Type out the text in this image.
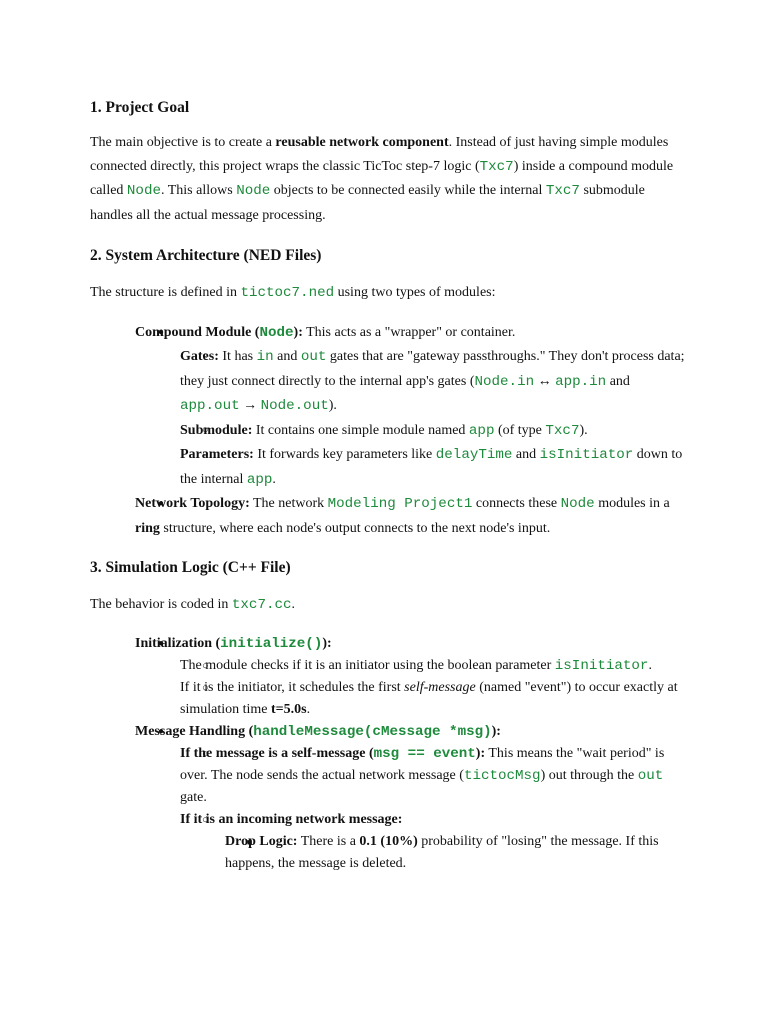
1. Project Goal

The main objective is to create a reusable network component. Instead of just having simple modules connected directly, this project wraps the classic TicToc step-7 logic (Txc7) inside a compound module called Node. This allows Node objects to be connected easily while the internal Txc7 submodule handles all the actual message processing.

2. System Architecture (NED Files)

The structure is defined in tictoc7.ned using two types of modules:

● Compound Module (Node): This acts as a "wrapper" or container.
○ Gates: It has in and out gates that are "gateway passthroughs." They don't process data; they just connect directly to the internal app's gates (Node.in ↔ app.in and app.out → Node.out).
○ Submodule: It contains one simple module named app (of type Txc7).
○ Parameters: It forwards key parameters like delayTime and isInitiator down to the internal app.
● Network Topology: The network Modeling Project1 connects these Node modules in a ring structure, where each node's output connects to the next node's input.
3. Simulation Logic (C++ File)

The behavior is coded in txc7.cc.

● Initialization (initialize()):
○ The module checks if it is an initiator using the boolean parameter isInitiator.
○ If it is the initiator, it schedules the first self-message (named "event") to occur exactly at simulation time t=5.0s.
● Message Handling (handleMessage(cMessage *msg)):
○ If the message is a self-message (msg == event): This means the "wait period" is over. The node sends the actual network message (tictocMsg) out through the out gate.
○ If it is an incoming network message:
■ Drop Logic: There is a 0.1 (10%) probability of "losing" the message. If this happens, the message is deleted.
